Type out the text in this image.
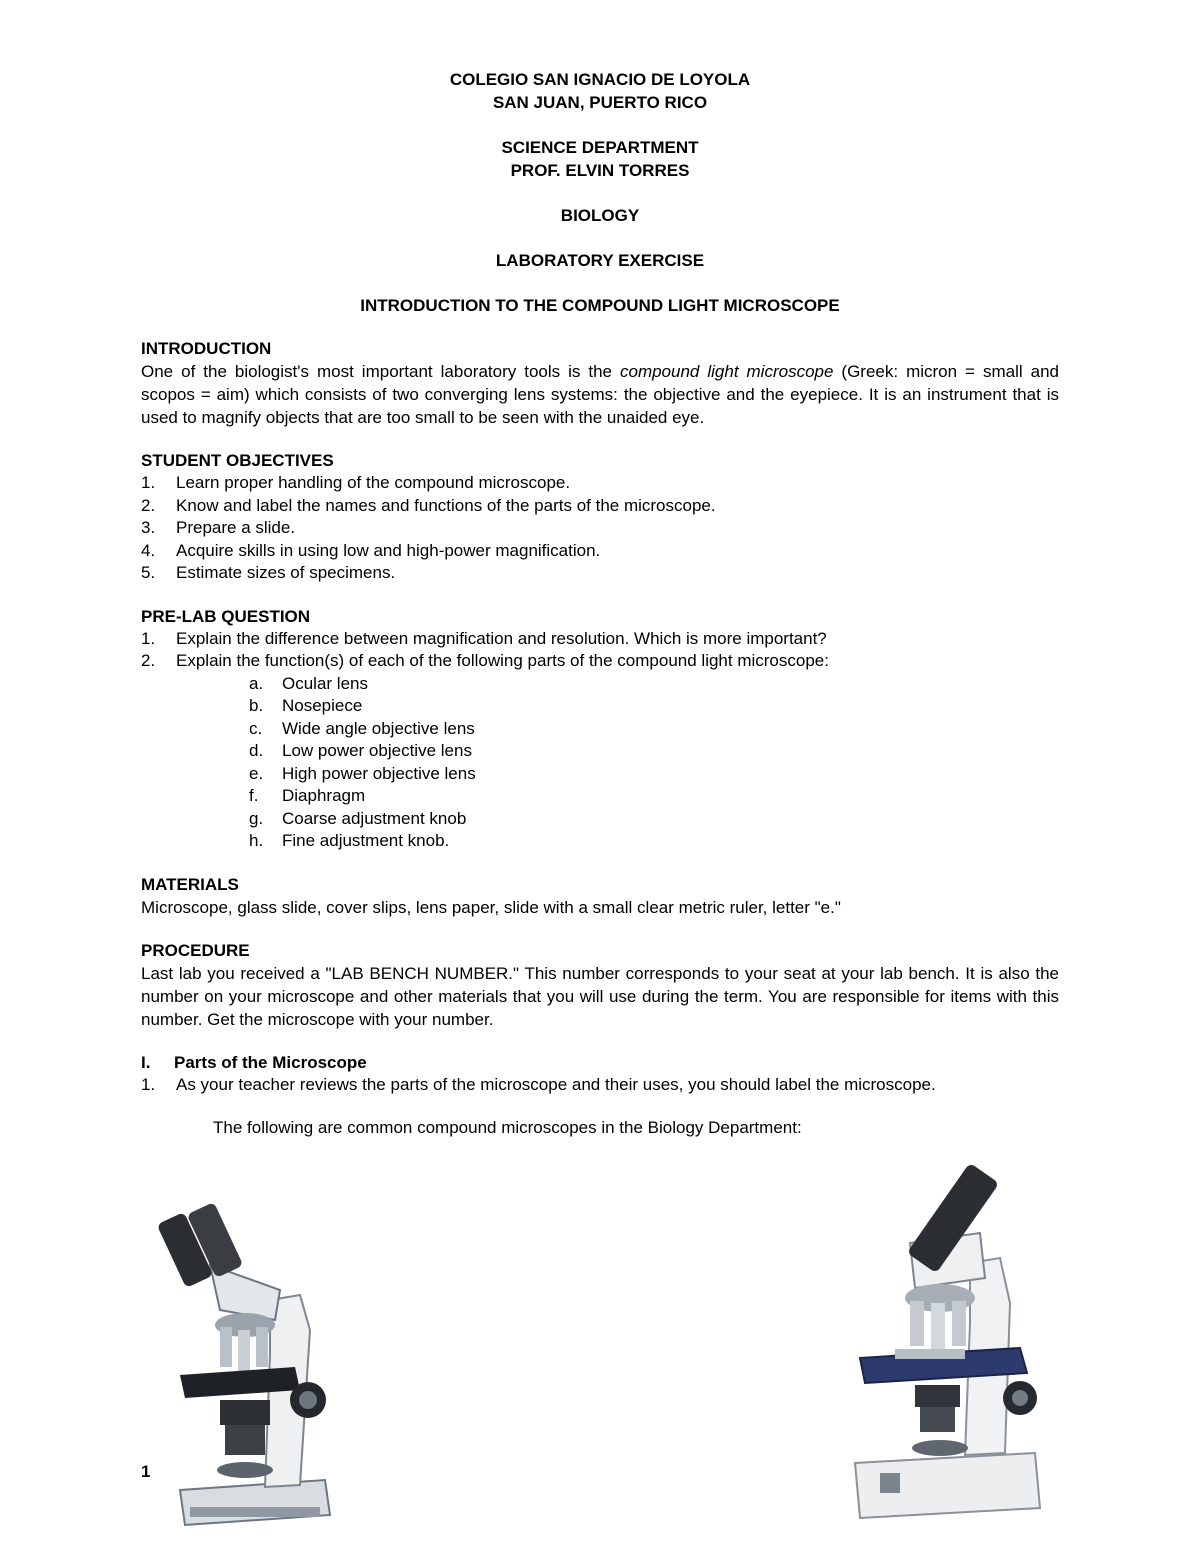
COLEGIO SAN IGNACIO DE LOYOLA
SAN JUAN, PUERTO RICO
SCIENCE DEPARTMENT
PROF. ELVIN TORRES
BIOLOGY
LABORATORY EXERCISE
INTRODUCTION TO THE COMPOUND LIGHT MICROSCOPE
INTRODUCTION

One of the biologist's most important laboratory tools is the compound light microscope (Greek: micron = small and scopos = aim) which consists of two converging lens systems: the objective and the eyepiece. It is an instrument that is used to magnify objects that are too small to be seen with the unaided eye.

STUDENT OBJECTIVES
1. Learn proper handling of the compound microscope.
2. Know and label the names and functions of the parts of the microscope.
3. Prepare a slide.
4. Acquire skills in using low and high-power magnification.
5. Estimate sizes of specimens.
PRE-LAB QUESTION
1. Explain the difference between magnification and resolution. Which is more important?
2. Explain the function(s) of each of the following parts of the compound light microscope:
a. Ocular lens
b. Nosepiece
c. Wide angle objective lens
d. Low power objective lens
e. High power objective lens
f. Diaphragm
g. Coarse adjustment knob
h. Fine adjustment knob.
MATERIALS

Microscope, glass slide, cover slips, lens paper, slide with a small clear metric ruler, letter "e."

PROCEDURE

Last lab you received a "LAB BENCH NUMBER." This number corresponds to your seat at your lab bench. It is also the number on your microscope and other materials that you will use during the term. You are responsible for items with this number. Get the microscope with your number.

I. Parts of the Microscope
1. As your teacher reviews the parts of the microscope and their uses, you should label the microscope.

The following are common compound microscopes in the Biology Department:

1
